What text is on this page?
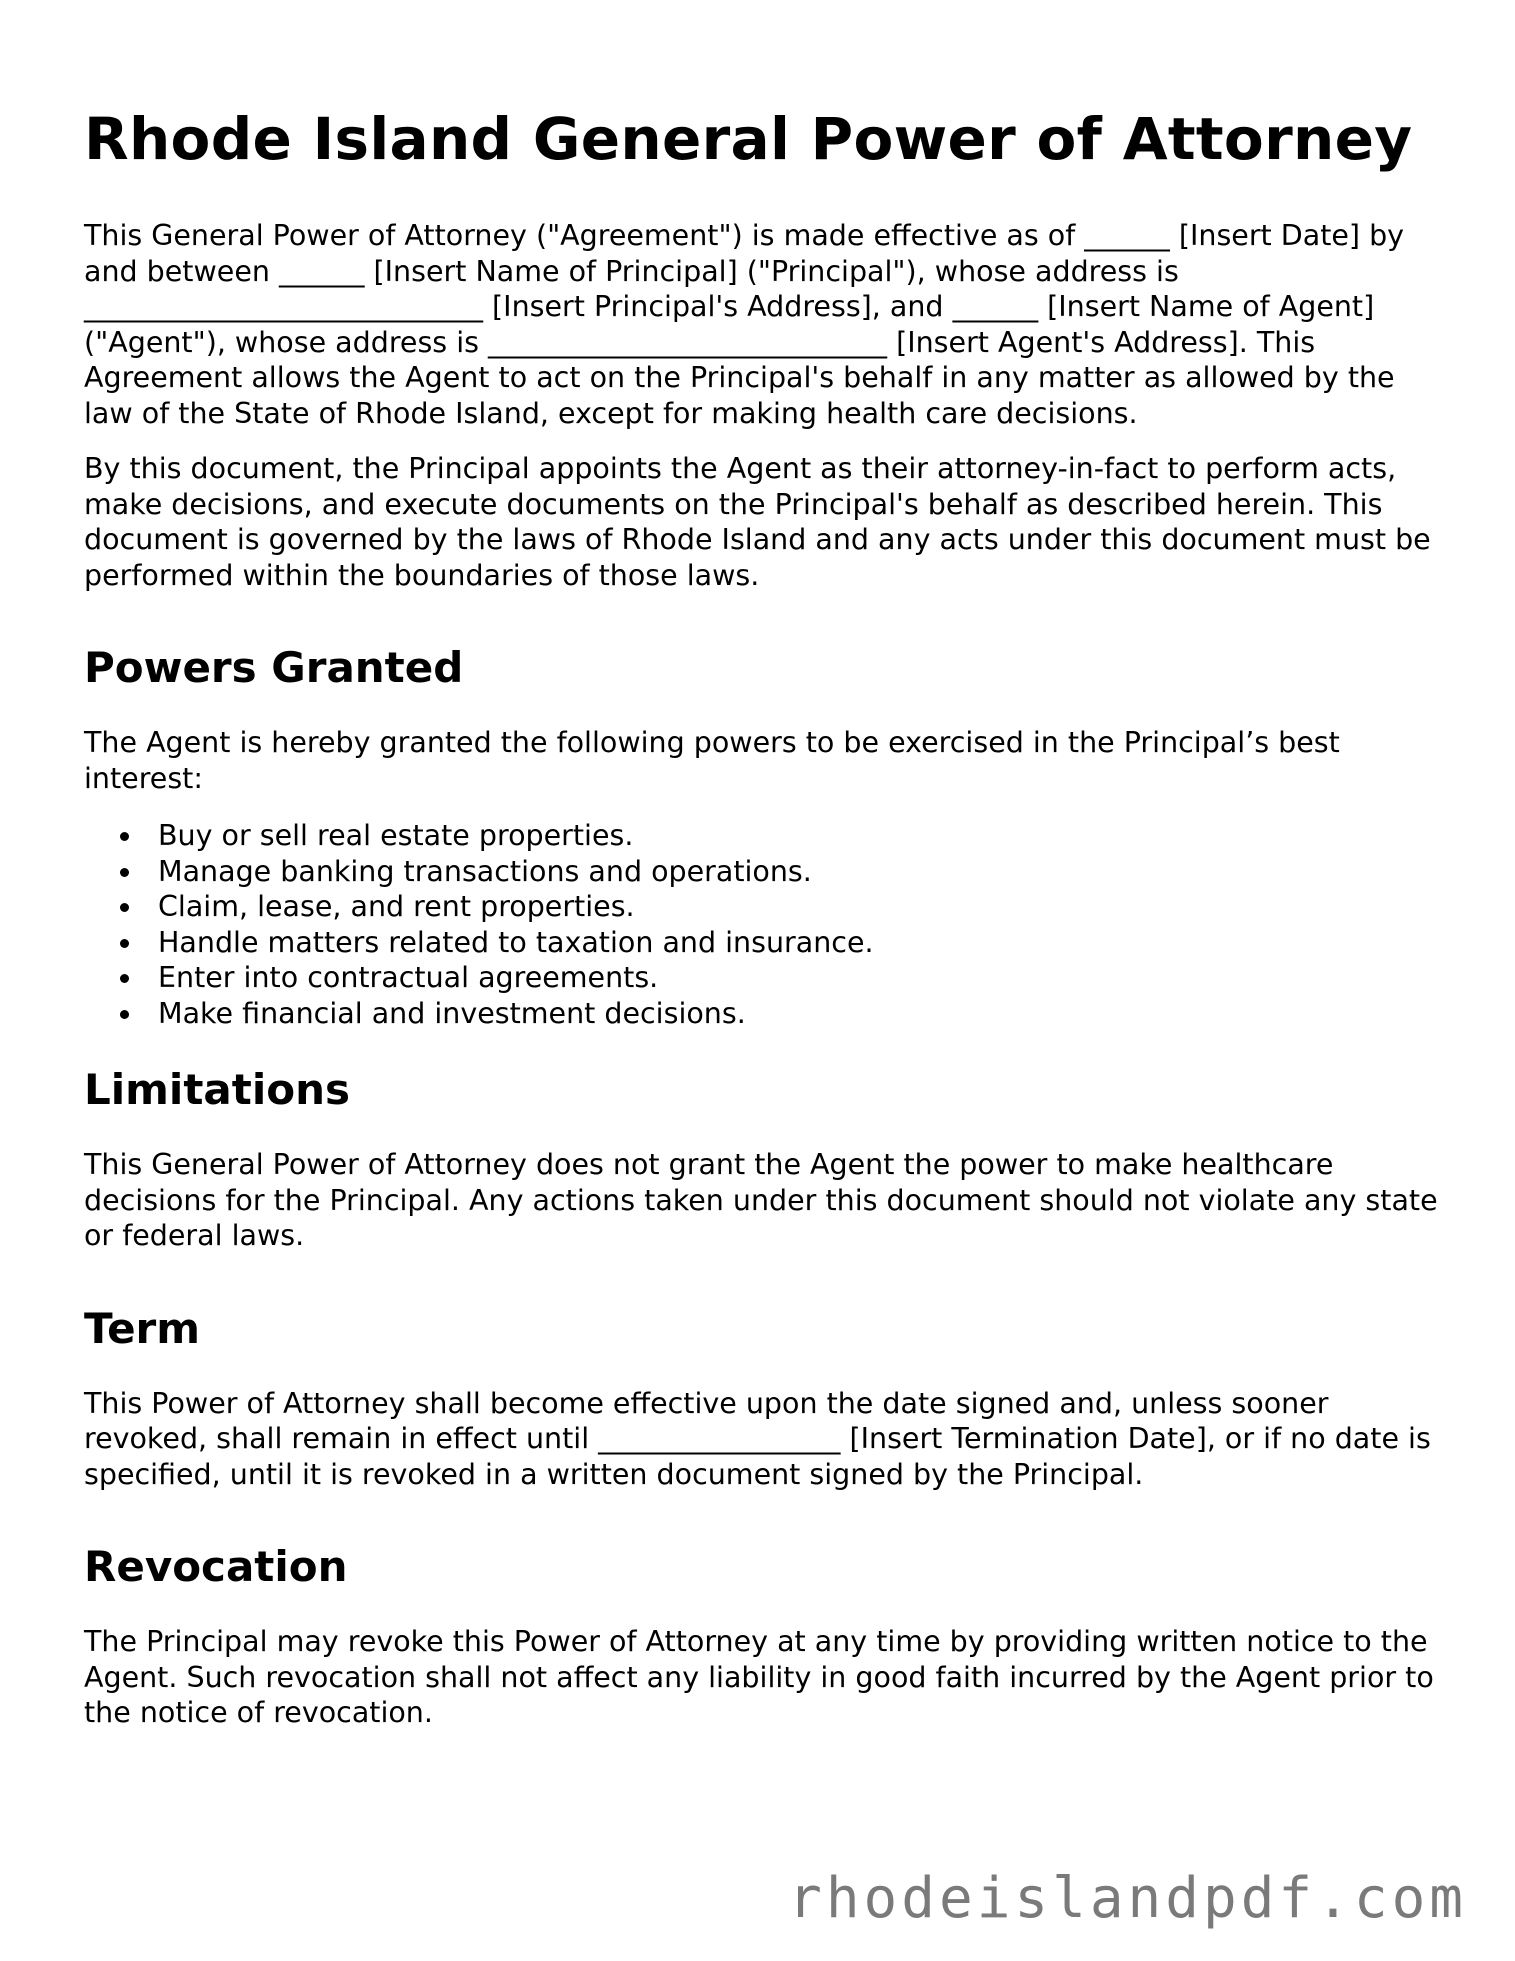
Rhode Island General Power of Attorney

This General Power of Attorney ("Agreement") is made effective as of ______ [Insert Date] by and between ______ [Insert Name of Principal] ("Principal"), whose address is ____________________________ [Insert Principal's Address], and ______ [Insert Name of Agent] ("Agent"), whose address is ____________________________ [Insert Agent's Address]. This Agreement allows the Agent to act on the Principal's behalf in any matter as allowed by the law of the State of Rhode Island, except for making health care decisions.

By this document, the Principal appoints the Agent as their attorney-in-fact to perform acts, make decisions, and execute documents on the Principal's behalf as described herein. This document is governed by the laws of Rhode Island and any acts under this document must be performed within the boundaries of those laws.

Powers Granted

The Agent is hereby granted the following powers to be exercised in the Principal’s best interest:

Buy or sell real estate properties.
Manage banking transactions and operations.
Claim, lease, and rent properties.
Handle matters related to taxation and insurance.
Enter into contractual agreements.
Make financial and investment decisions.
Limitations

This General Power of Attorney does not grant the Agent the power to make healthcare decisions for the Principal. Any actions taken under this document should not violate any state or federal laws.

Term

This Power of Attorney shall become effective upon the date signed and, unless sooner revoked, shall remain in effect until _________________ [Insert Termination Date], or if no date is specified, until it is revoked in a written document signed by the Principal.

Revocation

The Principal may revoke this Power of Attorney at any time by providing written notice to the Agent. Such revocation shall not affect any liability in good faith incurred by the Agent prior to the notice of revocation.

rhodeislandpdf.com
